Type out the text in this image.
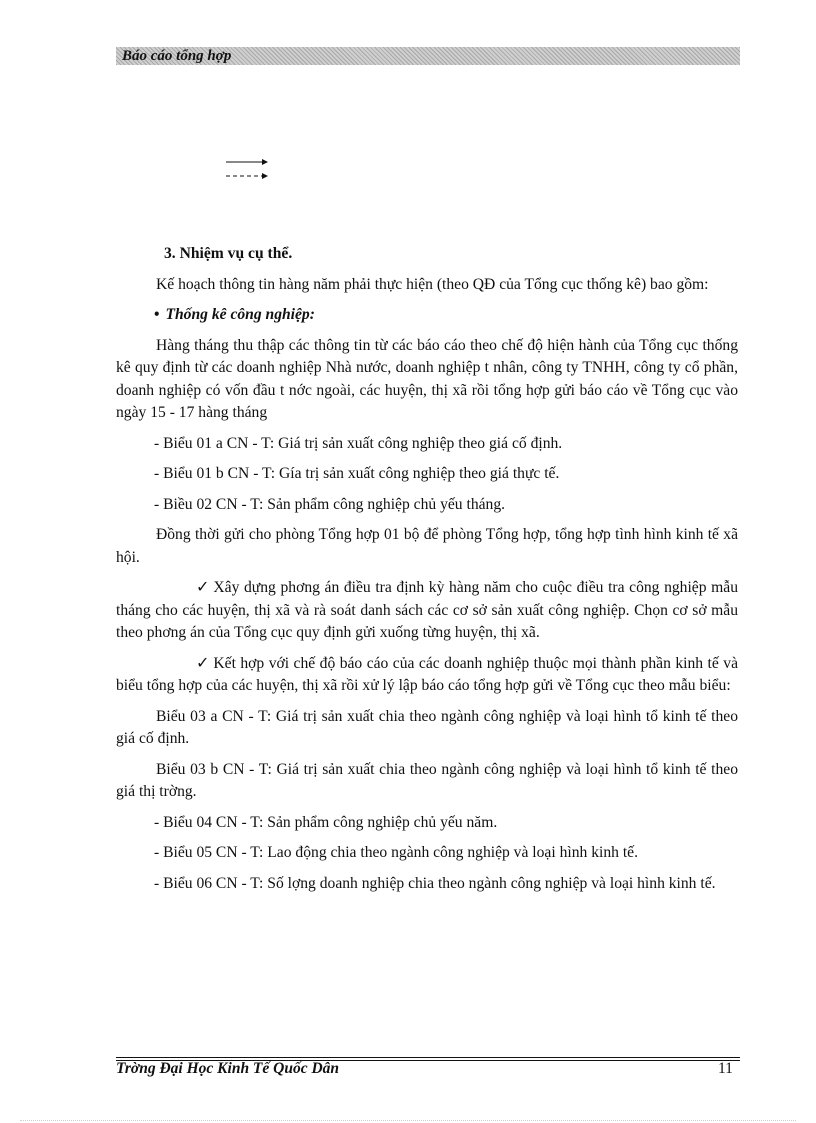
Báo cáo tổng hợp

3. Nhiệm vụ cụ thể.

Kế hoạch thông tin hàng năm phải thực hiện (theo QĐ của Tổng cục thống kê) bao gồm:

• Thống kê công nghiệp:

Hàng tháng thu thập các thông tin từ các báo cáo theo chế độ hiện hành của Tổng cục thống kê quy định từ các doanh nghiệp Nhà nước, doanh nghiệp t nhân, công ty TNHH, công ty cổ phần, doanh nghiệp có vốn đầu t nớc ngoài, các huyện, thị xã rồi tổng hợp gửi báo cáo về Tổng cục vào ngày 15 - 17 hàng tháng

- Biểu 01 a CN - T: Giá trị sản xuất công nghiệp theo giá cố định.

- Biểu 01 b CN - T: Gía trị sản xuất công nghiệp theo giá thực tế.

- Biều 02 CN - T: Sản phẩm công nghiệp chủ yếu tháng.

Đồng thời gửi cho phòng Tổng hợp 01 bộ để phòng Tổng hợp, tổng hợp tình hình kinh tế xã hội.

✓ Xây dựng phơng án điều tra định kỳ hàng năm cho cuộc điều tra công nghiệp mẫu tháng cho các huyện, thị xã và rà soát danh sách các cơ sở sản xuất công nghiệp. Chọn cơ sở mẫu theo phơng án của Tổng cục quy định gửi xuống từng huyện, thị xã.

✓ Kết hợp với chế độ báo cáo của các doanh nghiệp thuộc mọi thành phần kinh tế và biểu tổng hợp của các huyện, thị xã rồi xử lý lập báo cáo tổng hợp gửi về Tổng cục theo mẫu biểu:

Biểu 03 a CN - T: Giá trị sản xuất chia theo ngành công nghiệp và loại hình tổ kinh tế theo giá cố định.

Biểu 03 b CN - T: Giá trị sản xuất chia theo ngành công nghiệp và loại hình tổ kinh tế theo giá thị trờng.

- Biểu 04 CN - T: Sản phẩm công nghiệp chủ yếu năm.

- Biểu 05 CN - T: Lao động chia theo ngành công nghiệp và loại hình kinh tế.

- Biểu 06 CN - T: Số lợng doanh nghiệp chia theo ngành công nghiệp và loại hình kinh tế.

Trờng Đại Học Kinh Tế Quốc Dân	11
